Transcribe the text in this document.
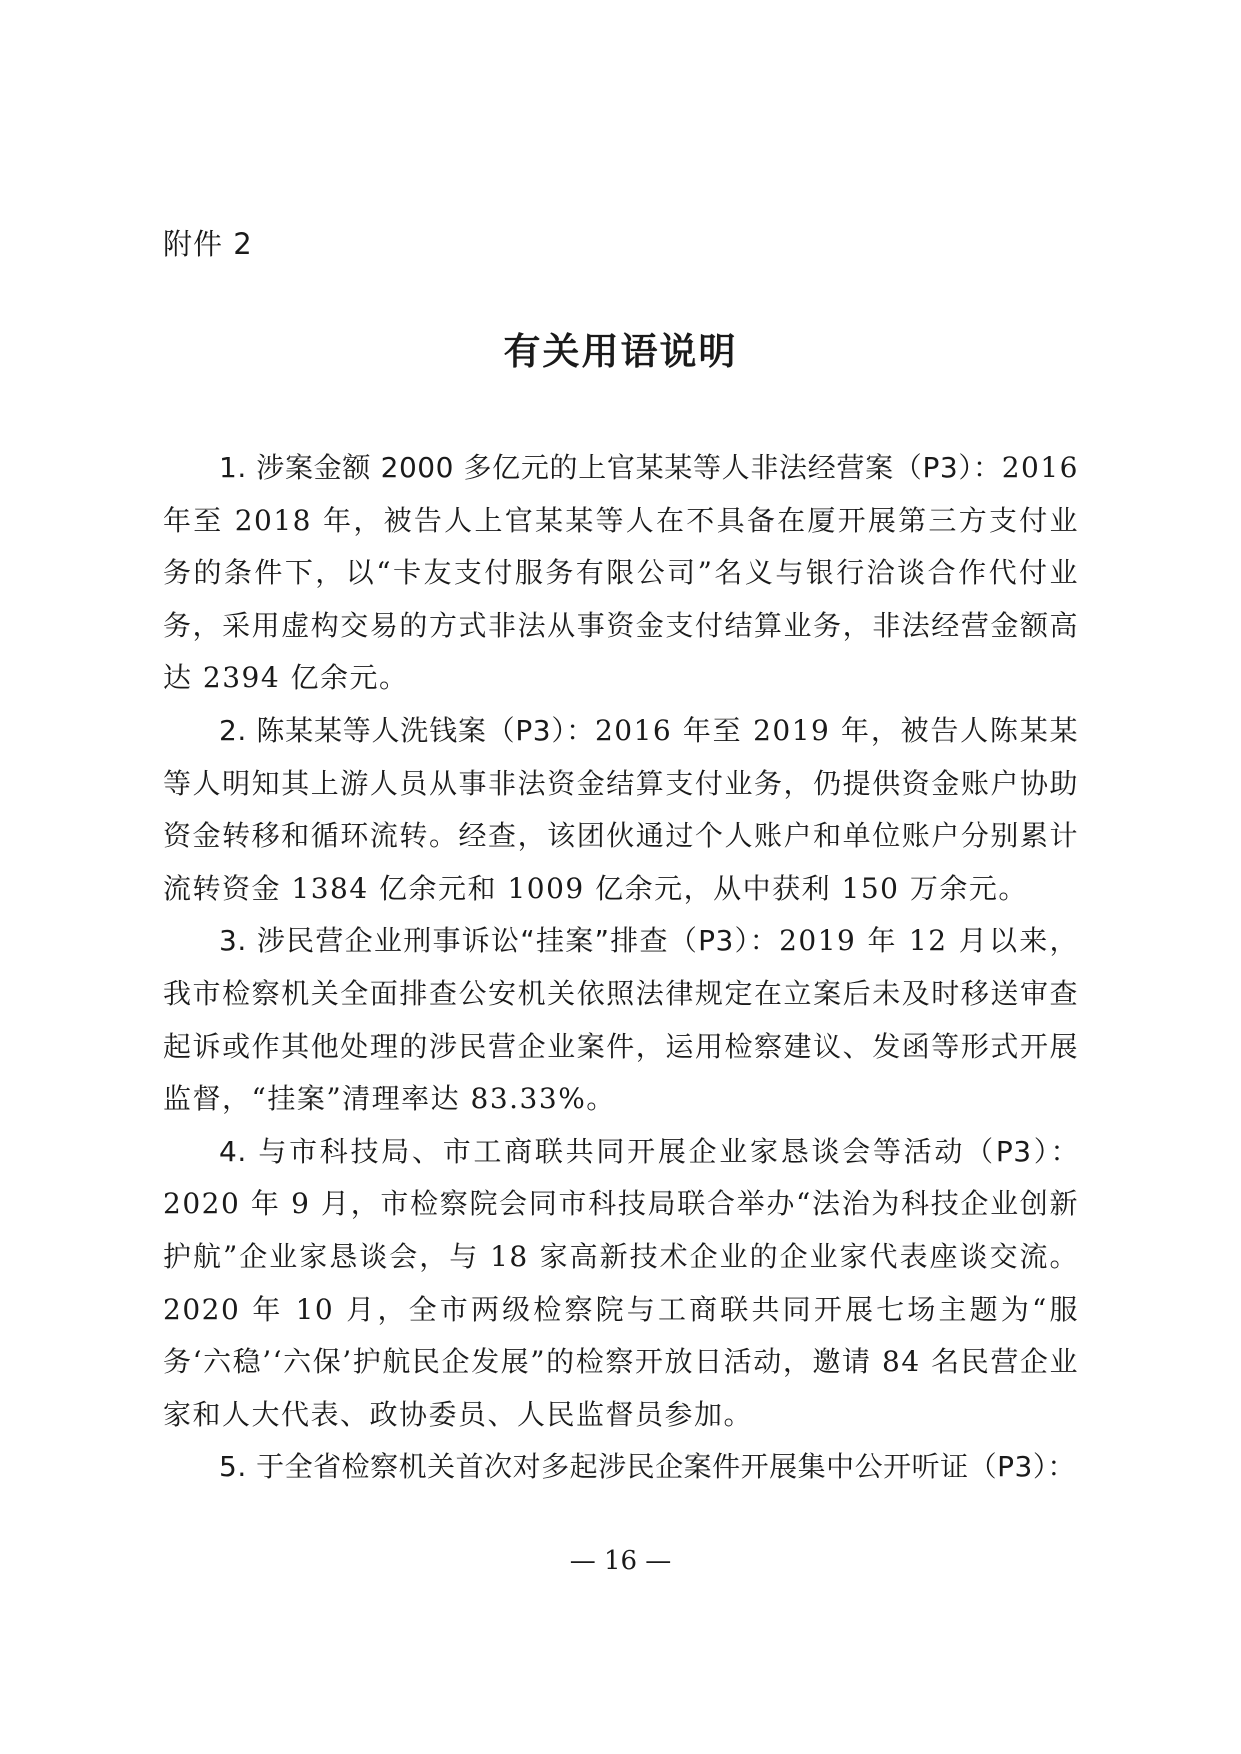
附件 2
有关用语说明

1. 涉案金额 2000 多亿元的上官某某等人非法经营案（P3）：2016 年至 2018 年，被告人上官某某等人在不具备在厦开展第三方支付业务的条件下，以“卡友支付服务有限公司”名义与银行洽谈合作代付业务，采用虚构交易的方式非法从事资金支付结算业务，非法经营金额高达 2394 亿余元。

2. 陈某某等人洗钱案（P3）：2016 年至 2019 年，被告人陈某某等人明知其上游人员从事非法资金结算支付业务，仍提供资金账户协助资金转移和循环流转。经查，该团伙通过个人账户和单位账户分别累计流转资金 1384 亿余元和 1009 亿余元，从中获利 150 万余元。

3. 涉民营企业刑事诉讼“挂案”排查（P3）：2019 年 12 月以来，我市检察机关全面排查公安机关依照法律规定在立案后未及时移送审查起诉或作其他处理的涉民营企业案件，运用检察建议、发函等形式开展监督，“挂案”清理率达 83.33%。

4. 与市科技局、市工商联共同开展企业家恳谈会等活动（P3）：2020 年 9 月，市检察院会同市科技局联合举办“法治为科技企业创新护航”企业家恳谈会，与 18 家高新技术企业的企业家代表座谈交流。2020 年 10 月，全市两级检察院与工商联共同开展七场主题为“服务‘六稳’‘六保’护航民企发展”的检察开放日活动，邀请 84 名民营企业家和人大代表、政协委员、人民监督员参加。

5. 于全省检察机关首次对多起涉民企案件开展集中公开听证（P3）：

— 16 —
